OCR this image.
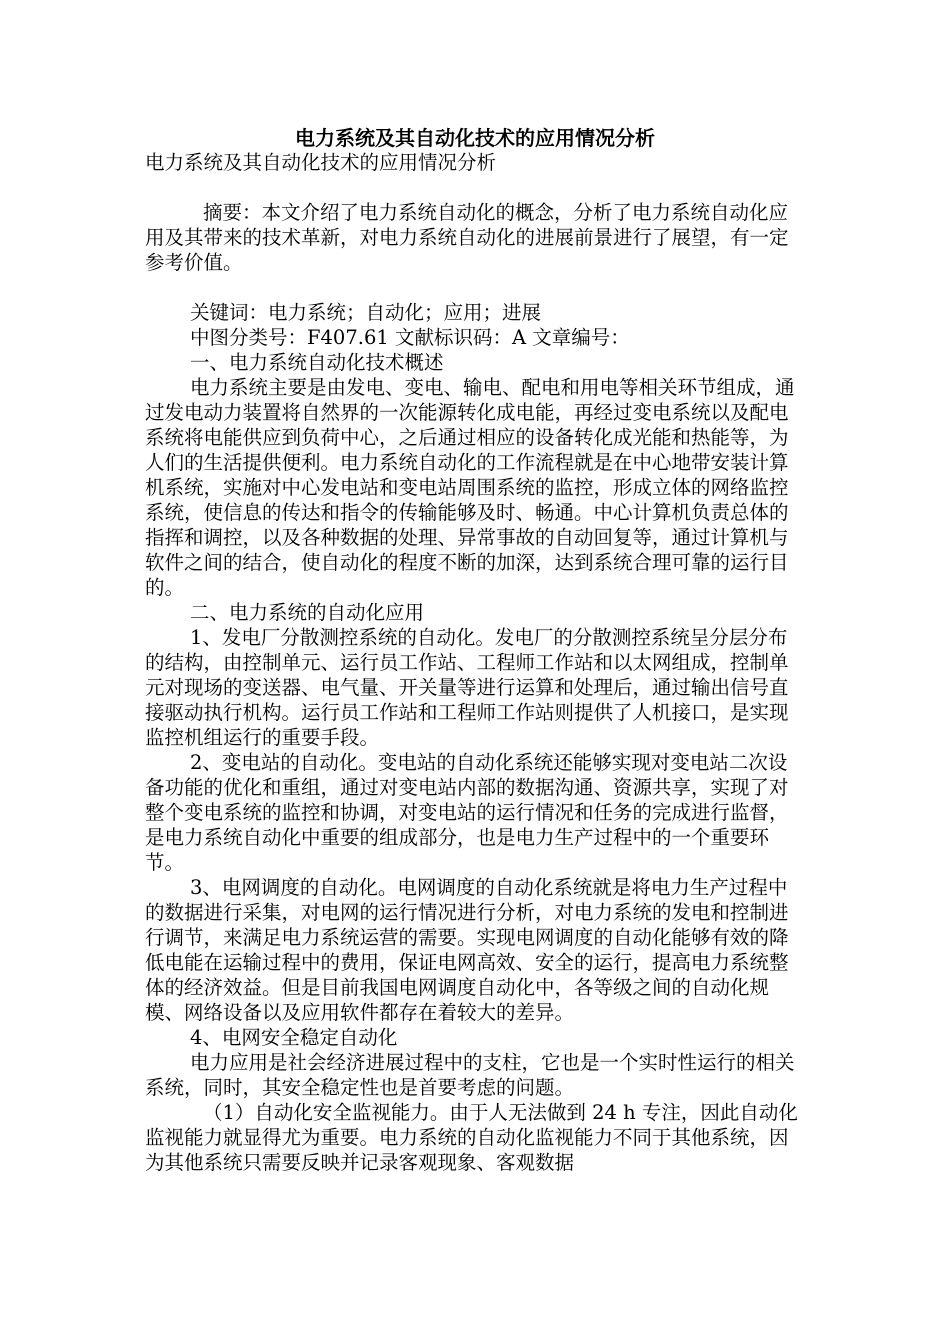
电力系统及其自动化技术的应用情况分析

电力系统及其自动化技术的应用情况分析

摘要：本文介绍了电力系统自动化的概念，分析了电力系统自动化应用及其带来的技术革新，对电力系统自动化的进展前景进行了展望，有一定参考价值。

关键词：电力系统；自动化；应用；进展

中图分类号：F407.61 文献标识码：A 文章编号：

一、电力系统自动化技术概述

电力系统主要是由发电、变电、输电、配电和用电等相关环节组成，通过发电动力装置将自然界的一次能源转化成电能，再经过变电系统以及配电系统将电能供应到负荷中心，之后通过相应的设备转化成光能和热能等，为人们的生活提供便利。电力系统自动化的工作流程就是在中心地带安装计算机系统，实施对中心发电站和变电站周围系统的监控，形成立体的网络监控系统，使信息的传达和指令的传输能够及时、畅通。中心计算机负责总体的指挥和调控，以及各种数据的处理、异常事故的自动回复等，通过计算机与软件之间的结合，使自动化的程度不断的加深，达到系统合理可靠的运行目的。

二、电力系统的自动化应用

1、发电厂分散测控系统的自动化。发电厂的分散测控系统呈分层分布的结构，由控制单元、运行员工作站、工程师工作站和以太网组成，控制单元对现场的变送器、电气量、开关量等进行运算和处理后，通过输出信号直接驱动执行机构。运行员工作站和工程师工作站则提供了人机接口，是实现监控机组运行的重要手段。

2、变电站的自动化。变电站的自动化系统还能够实现对变电站二次设备功能的优化和重组，通过对变电站内部的数据沟通、资源共享，实现了对整个变电系统的监控和协调，对变电站的运行情况和任务的完成进行监督，是电力系统自动化中重要的组成部分，也是电力生产过程中的一个重要环节。

3、电网调度的自动化。电网调度的自动化系统就是将电力生产过程中的数据进行采集，对电网的运行情况进行分析，对电力系统的发电和控制进行调节，来满足电力系统运营的需要。实现电网调度的自动化能够有效的降低电能在运输过程中的费用，保证电网高效、安全的运行，提高电力系统整体的经济效益。但是目前我国电网调度自动化中，各等级之间的自动化规模、网络设备以及应用软件都存在着较大的差异。

4、电网安全稳定自动化

电力应用是社会经济进展过程中的支柱，它也是一个实时性运行的相关系统，同时，其安全稳定性也是首要考虑的问题。

（1）自动化安全监视能力。由于人无法做到 24 h 专注，因此自动化监视能力就显得尤为重要。电力系统的自动化监视能力不同于其他系统，因为其他系统只需要反映并记录客观现象、客观数据
